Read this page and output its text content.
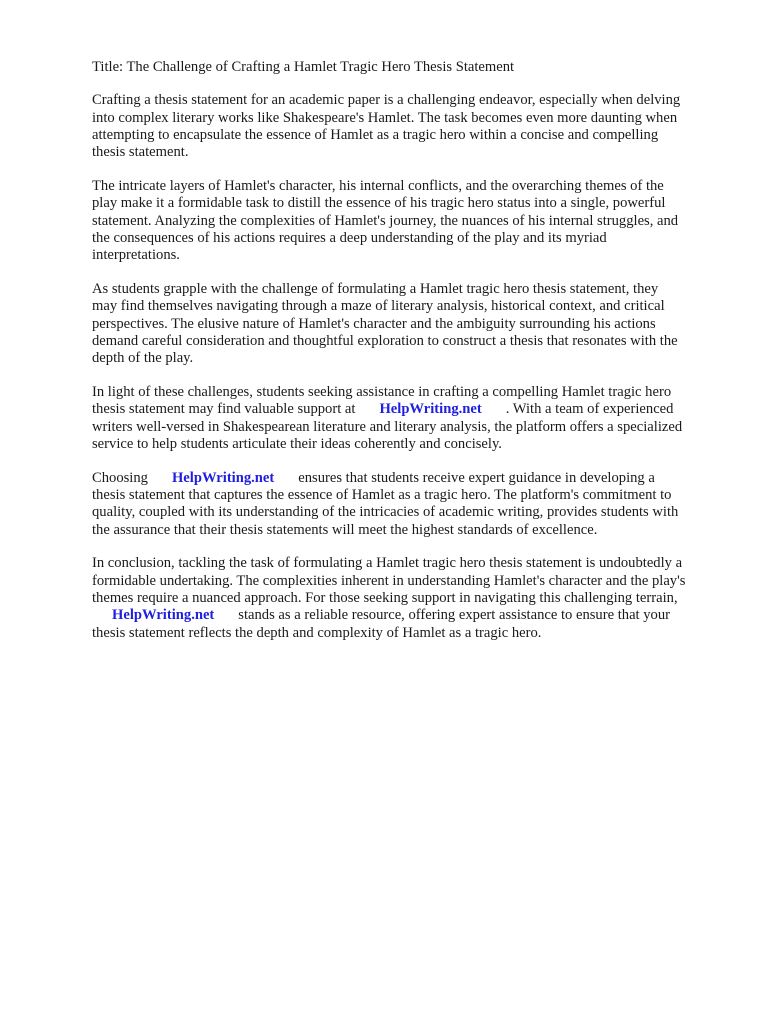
Title: The Challenge of Crafting a Hamlet Tragic Hero Thesis Statement
Crafting a thesis statement for an academic paper is a challenging endeavor, especially when delving
into complex literary works like Shakespeare's Hamlet. The task becomes even more daunting when
attempting to encapsulate the essence of Hamlet as a tragic hero within a concise and compelling
thesis statement.
The intricate layers of Hamlet's character, his internal conflicts, and the overarching themes of the
play make it a formidable task to distill the essence of his tragic hero status into a single, powerful
statement. Analyzing the complexities of Hamlet's journey, the nuances of his internal struggles, and
the consequences of his actions requires a deep understanding of the play and its myriad
interpretations.
As students grapple with the challenge of formulating a Hamlet tragic hero thesis statement, they
may find themselves navigating through a maze of literary analysis, historical context, and critical
perspectives. The elusive nature of Hamlet's character and the ambiguity surrounding his actions
demand careful consideration and thoughtful exploration to construct a thesis that resonates with the
depth of the play.
In light of these challenges, students seeking assistance in crafting a compelling Hamlet tragic hero
thesis statement may find valuable support at HelpWriting.net . With a team of experienced
writers well-versed in Shakespearean literature and literary analysis, the platform offers a specialized
service to help students articulate their ideas coherently and concisely.
Choosing HelpWriting.net ensures that students receive expert guidance in developing a
thesis statement that captures the essence of Hamlet as a tragic hero. The platform's commitment to
quality, coupled with its understanding of the intricacies of academic writing, provides students with
the assurance that their thesis statements will meet the highest standards of excellence.
In conclusion, tackling the task of formulating a Hamlet tragic hero thesis statement is undoubtedly a
formidable undertaking. The complexities inherent in understanding Hamlet's character and the play's
themes require a nuanced approach. For those seeking support in navigating this challenging terrain,
HelpWriting.net stands as a reliable resource, offering expert assistance to ensure that your
thesis statement reflects the depth and complexity of Hamlet as a tragic hero.
